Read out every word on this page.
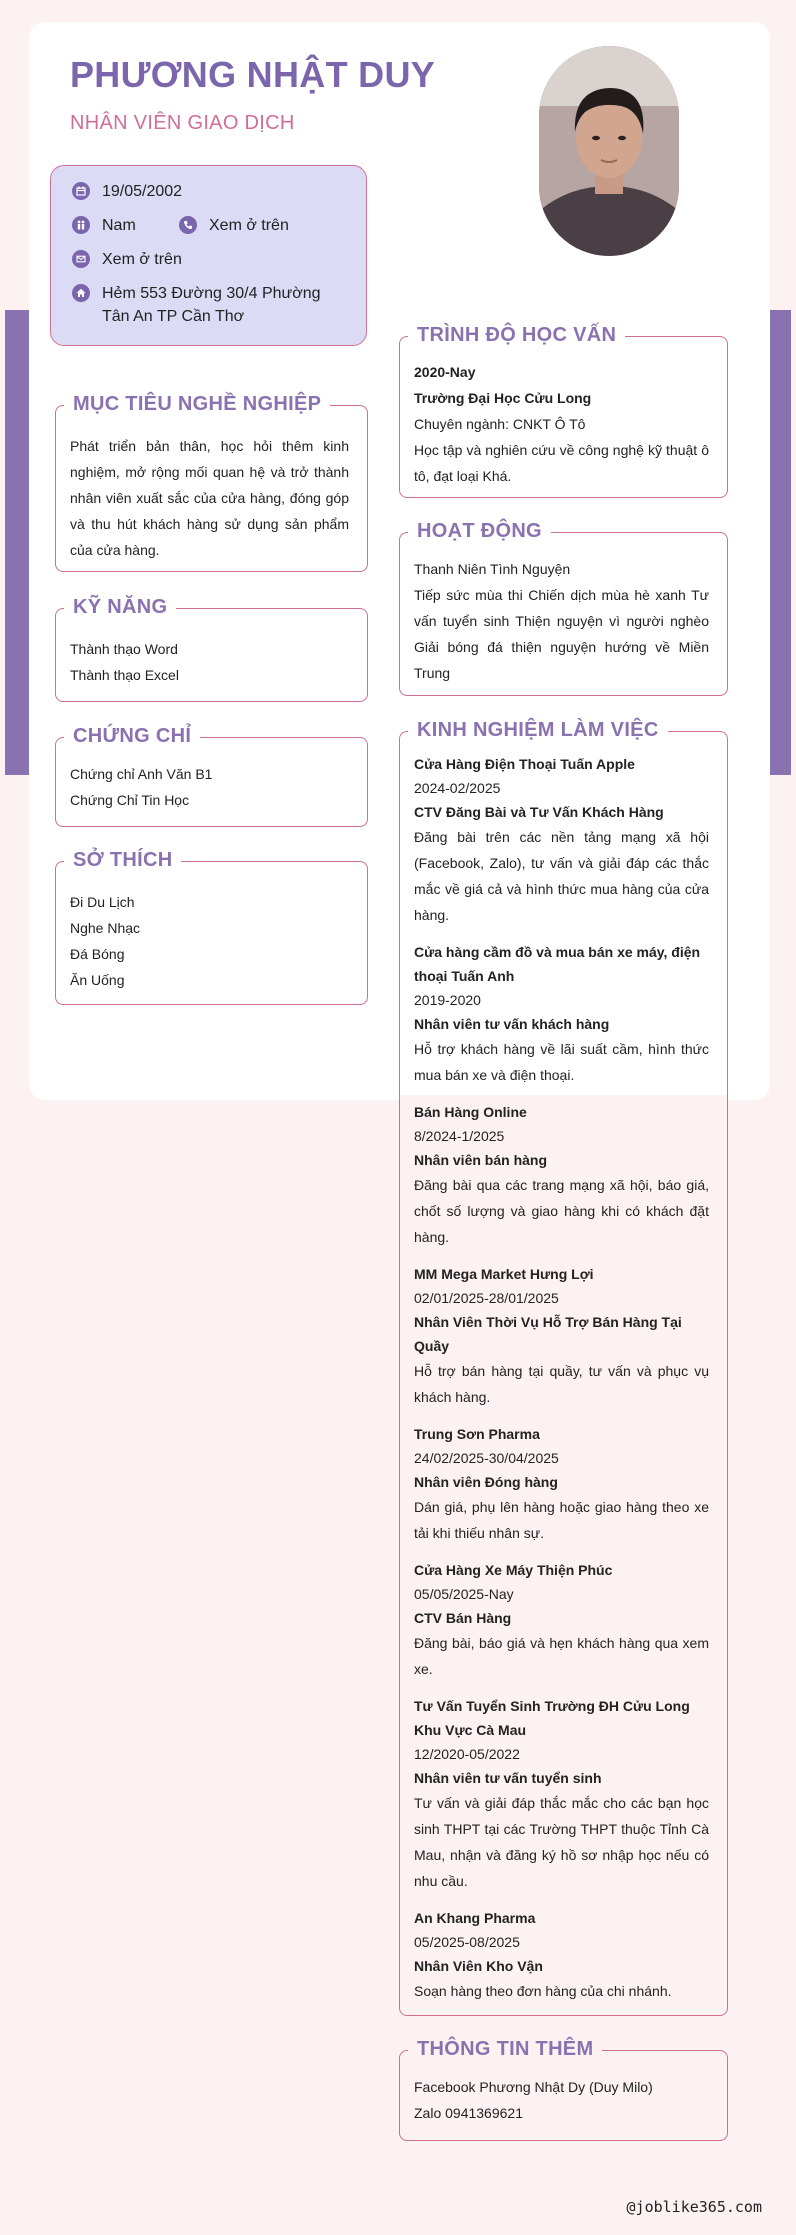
PHƯƠNG NHẬT DUY
NHÂN VIÊN GIAO DỊCH
19/05/2002
Nam	Xem ở trên
Xem ở trên
Hẻm 553 Đường 30/4 Phường Tân An TP Cần Thơ
MỤC TIÊU NGHỀ NGHIỆP
Phát triển bản thân, học hỏi thêm kinh nghiệm, mở rộng mối quan hệ và trở thành nhân viên xuất sắc của cửa hàng, đóng góp và thu hút khách hàng sử dụng sản phẩm của cửa hàng.
KỸ NĂNG
Thành thạo Word
Thành thạo Excel
CHỨNG CHỈ
Chứng chỉ Anh Văn B1
Chứng Chỉ Tin Học
SỞ THÍCH
Đi Du Lịch
Nghe Nhạc
Đá Bóng
Ăn Uống
TRÌNH ĐỘ HỌC VẤN
2020-Nay
Trường Đại Học Cửu Long
Chuyên ngành: CNKT Ô Tô
Học tập và nghiên cứu về công nghệ kỹ thuật ô tô, đạt loại Khá.
HOẠT ĐỘNG
Thanh Niên Tình Nguyện
Tiếp sức mùa thi Chiến dịch mùa hè xanh Tư vấn tuyển sinh Thiện nguyện vì người nghèo Giải bóng đá thiện nguyện hướng về Miền Trung
KINH NGHIỆM LÀM VIỆC
Cửa Hàng Điện Thoại Tuấn Apple
2024-02/2025
CTV Đăng Bài và Tư Vấn Khách Hàng
Đăng bài trên các nền tảng mạng xã hội (Facebook, Zalo), tư vấn và giải đáp các thắc mắc về giá cả và hình thức mua hàng của cửa hàng.
Cửa hàng cầm đồ và mua bán xe máy, điện thoại Tuấn Anh
2019-2020
Nhân viên tư vấn khách hàng
Hỗ trợ khách hàng về lãi suất cầm, hình thức mua bán xe và điện thoại.
Bán Hàng Online
8/2024-1/2025
Nhân viên bán hàng
Đăng bài qua các trang mạng xã hội, báo giá, chốt số lượng và giao hàng khi có khách đặt hàng.
MM Mega Market Hưng Lợi
02/01/2025-28/01/2025
Nhân Viên Thời Vụ Hỗ Trợ Bán Hàng Tại Quầy
Hỗ trợ bán hàng tại quầy, tư vấn và phục vụ khách hàng.
Trung Sơn Pharma
24/02/2025-30/04/2025
Nhân viên Đóng hàng
Dán giá, phụ lên hàng hoặc giao hàng theo xe tải khi thiếu nhân sự.
Cửa Hàng Xe Máy Thiện Phúc
05/05/2025-Nay
CTV Bán Hàng
Đăng bài, báo giá và hẹn khách hàng qua xem xe.
Tư Vấn Tuyển Sinh Trường ĐH Cửu Long Khu Vực Cà Mau
12/2020-05/2022
Nhân viên tư vấn tuyển sinh
Tư vấn và giải đáp thắc mắc cho các bạn học sinh THPT tại các Trường THPT thuộc Tỉnh Cà Mau, nhận và đăng ký hồ sơ nhập học nếu có nhu cầu.
An Khang Pharma
05/2025-08/2025
Nhân Viên Kho Vận
Soạn hàng theo đơn hàng của chi nhánh.
THÔNG TIN THÊM
Facebook Phương Nhật Dy (Duy Milo)
Zalo 0941369621
@joblike365.com
